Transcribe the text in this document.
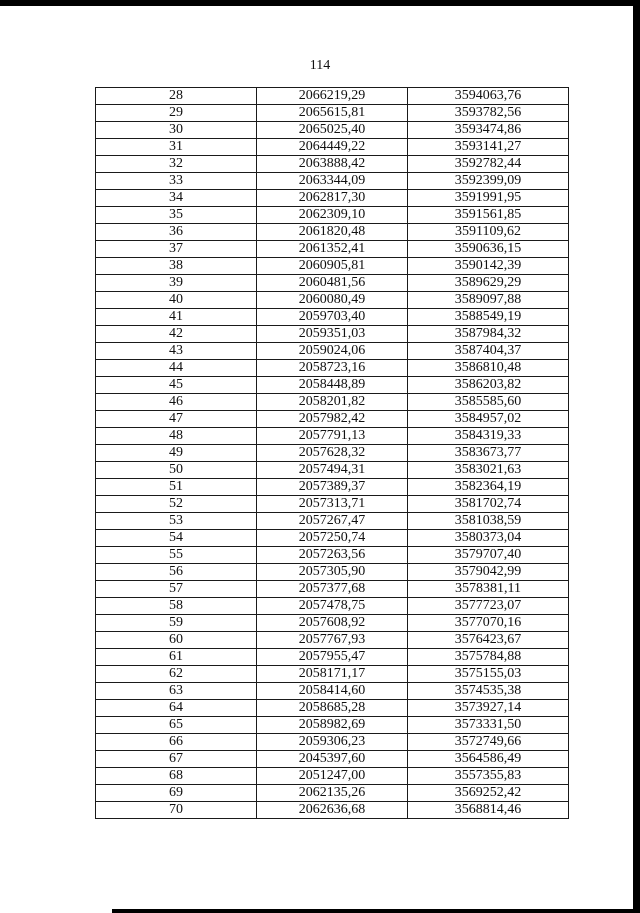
114
28	2066219,29	3594063,76
29	2065615,81	3593782,56
30	2065025,40	3593474,86
31	2064449,22	3593141,27
32	2063888,42	3592782,44
33	2063344,09	3592399,09
34	2062817,30	3591991,95
35	2062309,10	3591561,85
36	2061820,48	3591109,62
37	2061352,41	3590636,15
38	2060905,81	3590142,39
39	2060481,56	3589629,29
40	2060080,49	3589097,88
41	2059703,40	3588549,19
42	2059351,03	3587984,32
43	2059024,06	3587404,37
44	2058723,16	3586810,48
45	2058448,89	3586203,82
46	2058201,82	3585585,60
47	2057982,42	3584957,02
48	2057791,13	3584319,33
49	2057628,32	3583673,77
50	2057494,31	3583021,63
51	2057389,37	3582364,19
52	2057313,71	3581702,74
53	2057267,47	3581038,59
54	2057250,74	3580373,04
55	2057263,56	3579707,40
56	2057305,90	3579042,99
57	2057377,68	3578381,11
58	2057478,75	3577723,07
59	2057608,92	3577070,16
60	2057767,93	3576423,67
61	2057955,47	3575784,88
62	2058171,17	3575155,03
63	2058414,60	3574535,38
64	2058685,28	3573927,14
65	2058982,69	3573331,50
66	2059306,23	3572749,66
67	2045397,60	3564586,49
68	2051247,00	3557355,83
69	2062135,26	3569252,42
70	2062636,68	3568814,46
